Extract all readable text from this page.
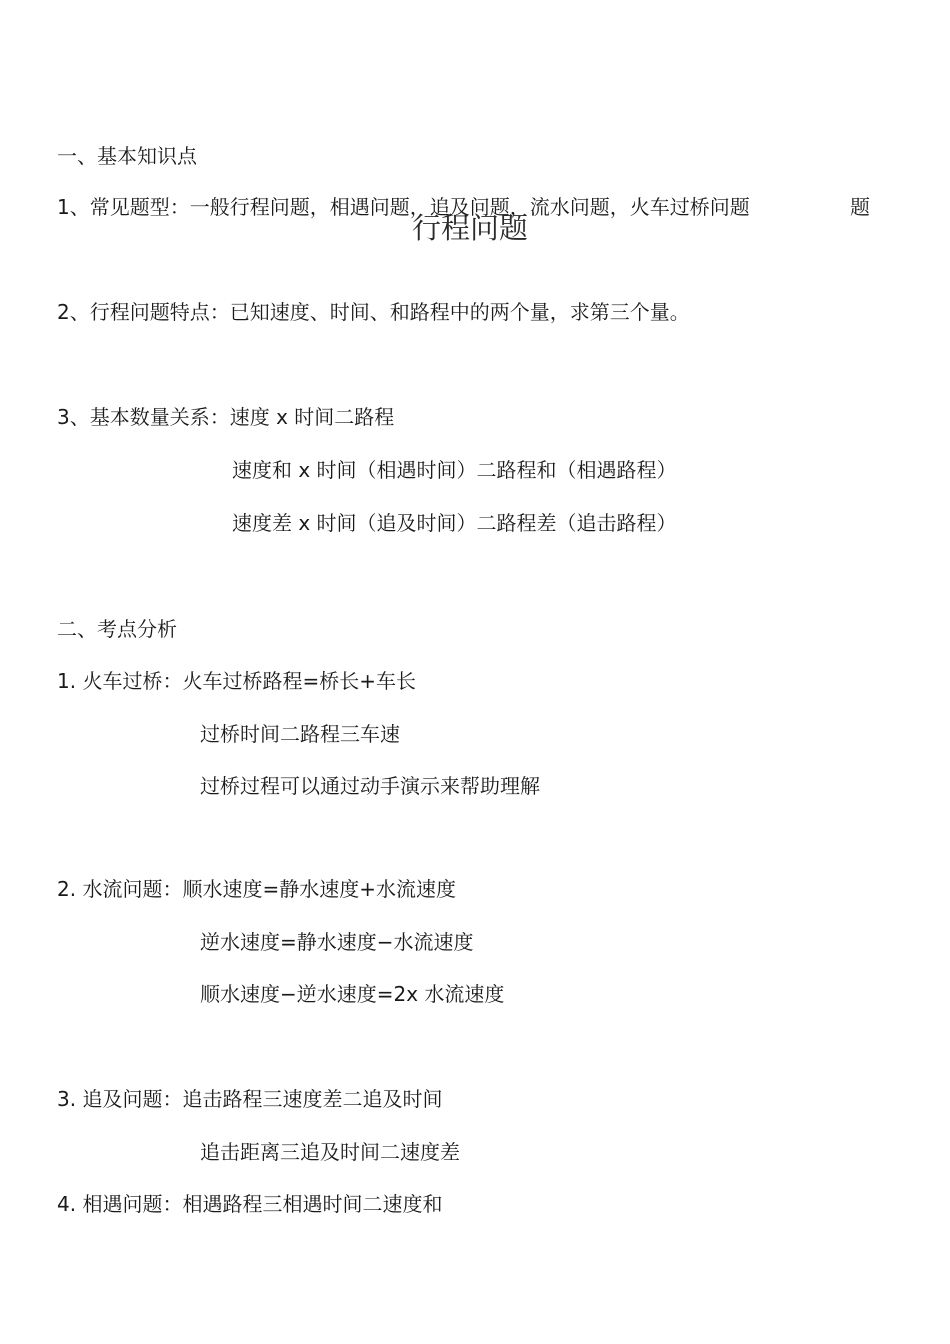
一、基本知识点
1、常见题型：一般行程问题，相遇问题，追及问题，流水问题，火车过桥问题	题
行程问题
2、行程问题特点：已知速度、时间、和路程中的两个量，求第三个量。
3、基本数量关系：速度 x 时间二路程
速度和 x 时间（相遇时间）二路程和（相遇路程）
速度差 x 时间（追及时间）二路程差（追击路程）
二、考点分析
1. 火车过桥：火车过桥路程=桥长+车长
过桥时间二路程三车速
过桥过程可以通过动手演示来帮助理解
2. 水流问题：顺水速度=静水速度+水流速度
逆水速度=静水速度−水流速度
顺水速度−逆水速度=2x 水流速度
3. 追及问题：追击路程三速度差二追及时间
追击距离三追及时间二速度差
4. 相遇问题：相遇路程三相遇时间二速度和
